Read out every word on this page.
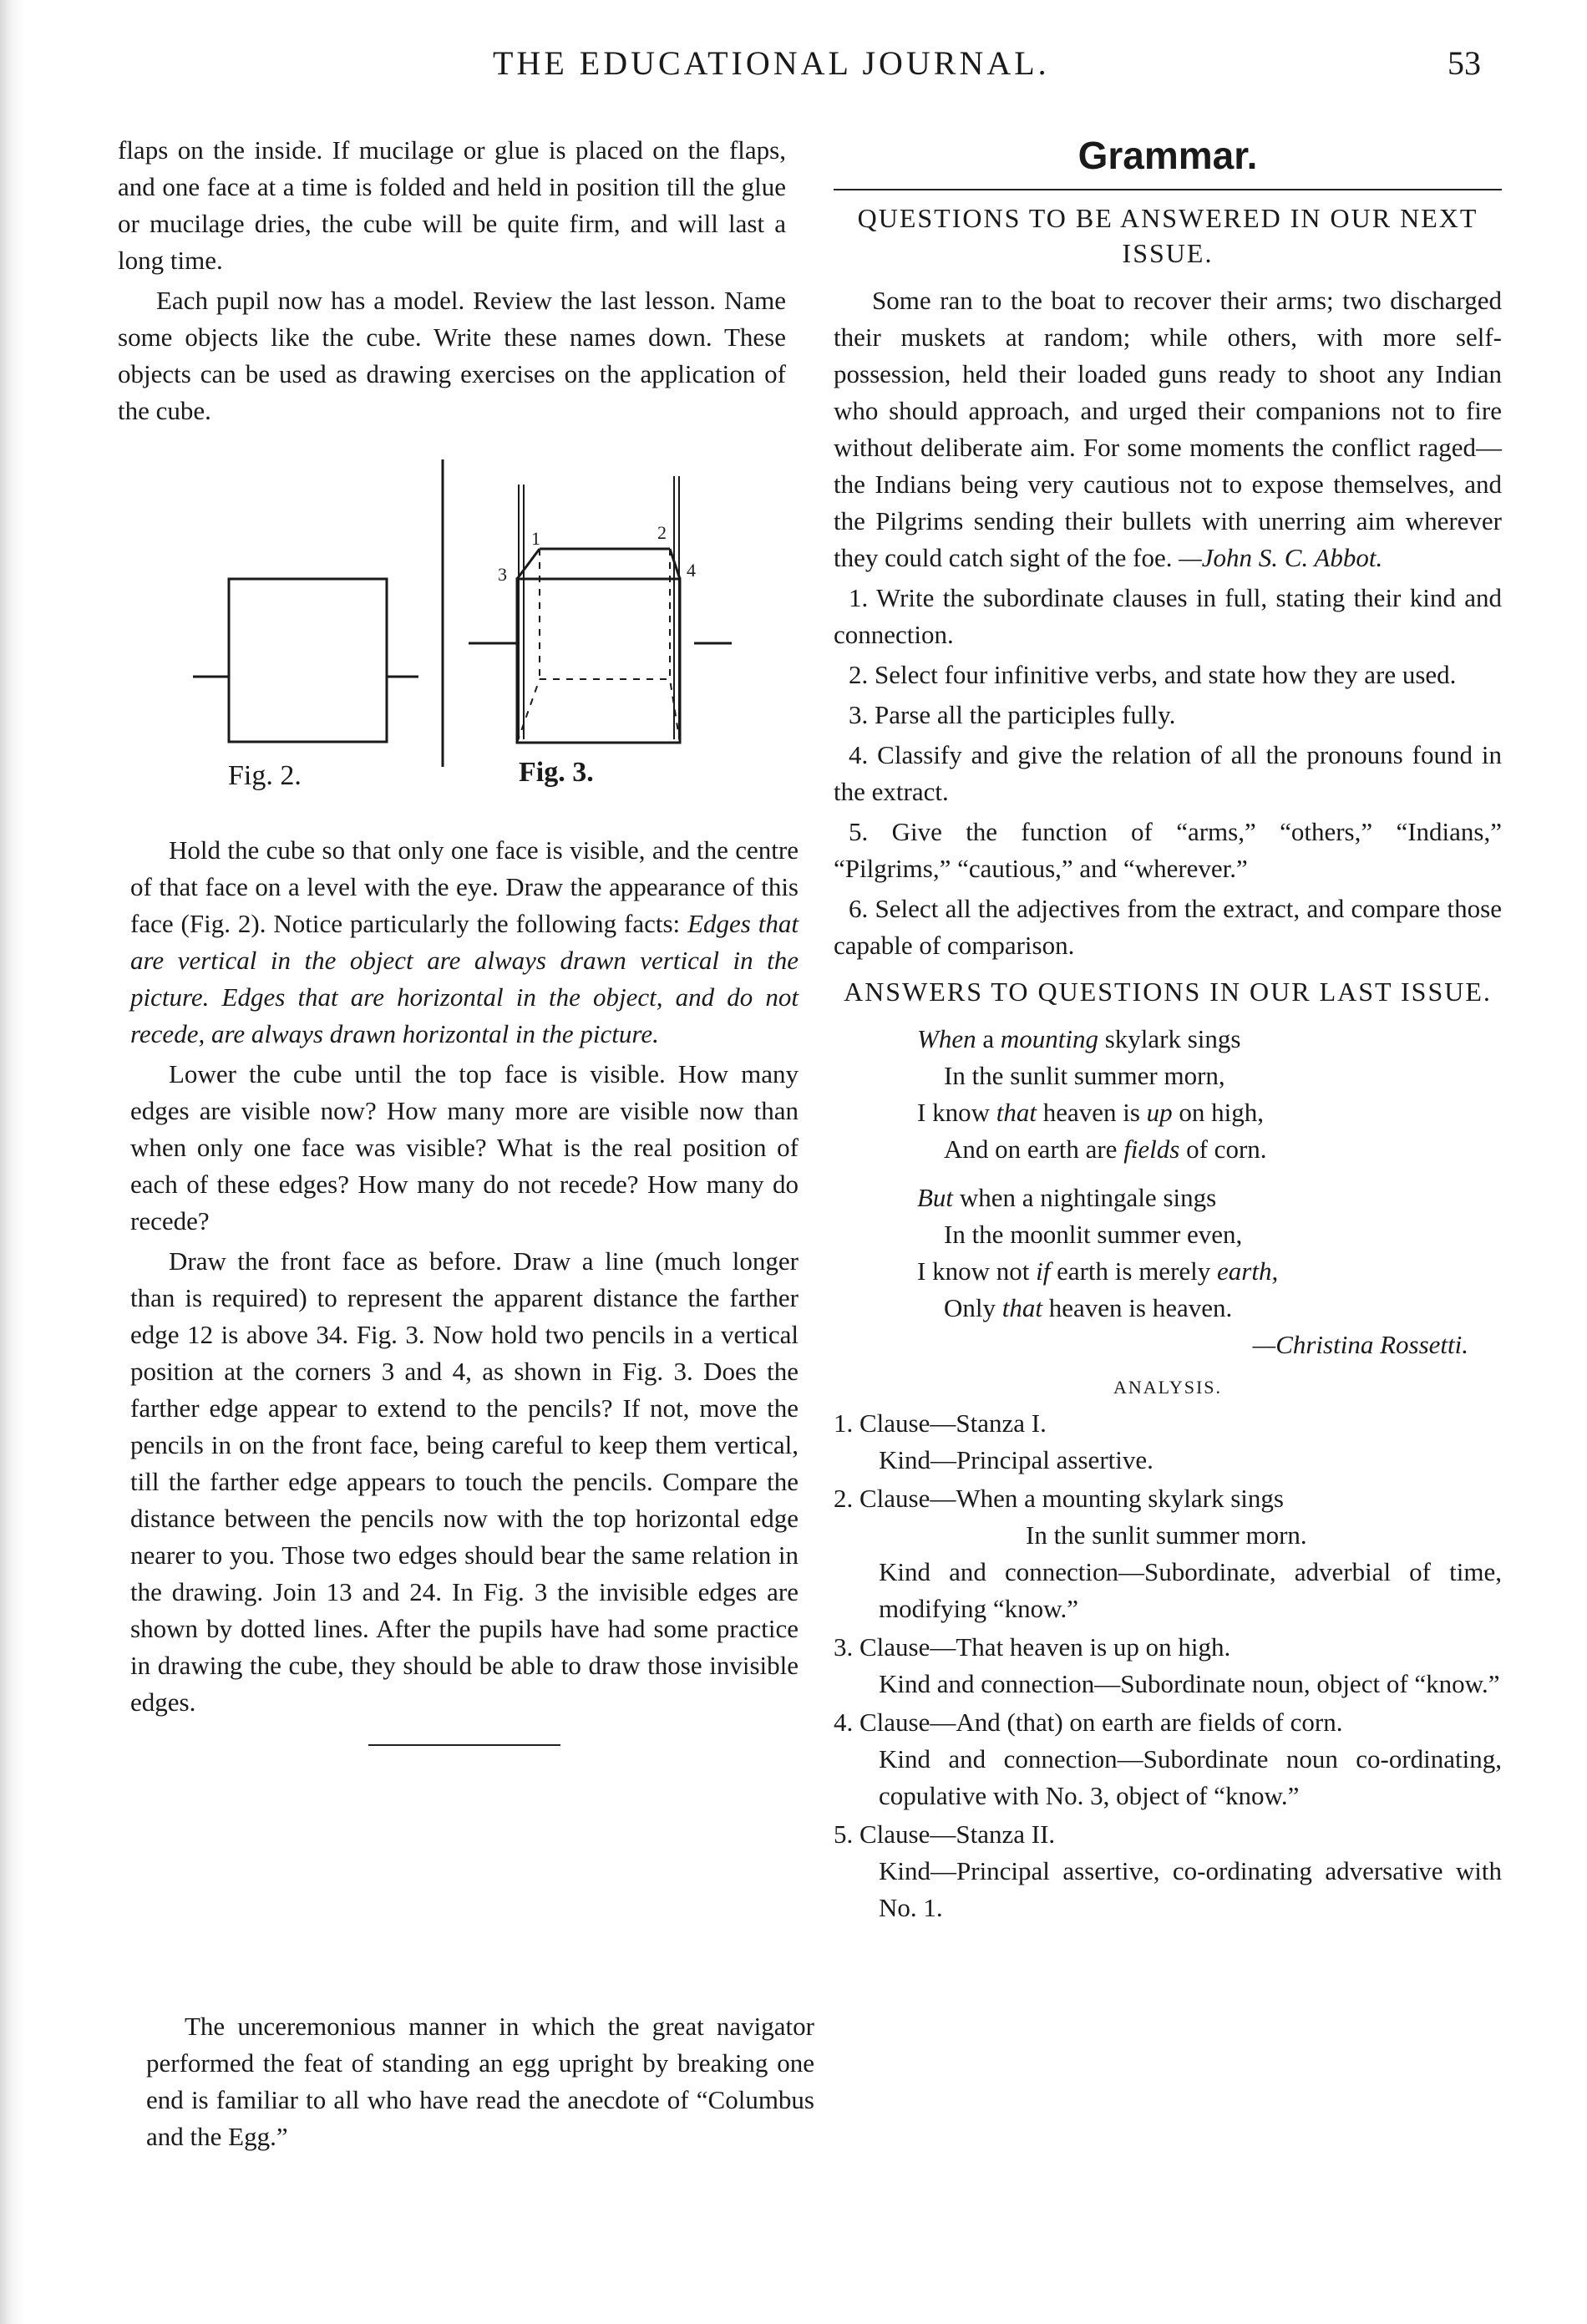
THE EDUCATIONAL JOURNAL.	53

flaps on the inside. If mucilage or glue is placed on the flaps, and one face at a time is folded and held in position till the glue or mucilage dries, the cube will be quite firm, and will last a long time.

Each pupil now has a model. Review the last lesson. Name some objects like the cube. Write these names down. These objects can be used as drawing exercises on the application of the cube.

1	2
3	4
Fig. 2.	Fig. 3.

Hold the cube so that only one face is visible, and the centre of that face on a level with the eye. Draw the appearance of this face (Fig. 2). Notice particularly the following facts: Edges that are vertical in the object are always drawn vertical in the picture. Edges that are horizontal in the object, and do not recede, are always drawn horizontal in the picture.

Lower the cube until the top face is visible. How many edges are visible now? How many more are visible now than when only one face was visible? What is the real position of each of these edges? How many do not recede? How many do recede?

Draw the front face as before. Draw a line (much longer than is required) to represent the apparent distance the farther edge 12 is above 34. Fig. 3. Now hold two pencils in a vertical position at the corners 3 and 4, as shown in Fig. 3. Does the farther edge appear to extend to the pencils? If not, move the pencils in on the front face, being careful to keep them vertical, till the farther edge appears to touch the pencils. Compare the distance between the pencils now with the top horizontal edge nearer to you. Those two edges should bear the same relation in the drawing. Join 13 and 24. In Fig. 3 the invisible edges are shown by dotted lines. After the pupils have had some practice in drawing the cube, they should be able to draw those invisible edges.

The unceremonious manner in which the great navigator performed the feat of standing an egg upright by breaking one end is familiar to all who have read the anecdote of “Columbus and the Egg.”

Grammar.
QUESTIONS TO BE ANSWERED IN OUR NEXT ISSUE.

Some ran to the boat to recover their arms; two discharged their muskets at random; while others, with more self-possession, held their loaded guns ready to shoot any Indian who should approach, and urged their companions not to fire without deliberate aim. For some moments the conflict raged—the Indians being very cautious not to expose themselves, and the Pilgrims sending their bullets with unerring aim wherever they could catch sight of the foe. —John S. C. Abbot.

1. Write the subordinate clauses in full, stating their kind and connection.

2. Select four infinitive verbs, and state how they are used.

3. Parse all the participles fully.

4. Classify and give the relation of all the pronouns found in the extract.

5. Give the function of “arms,” “others,” “Indians,” “Pilgrims,” “cautious,” and “wherever.”

6. Select all the adjectives from the extract, and compare those capable of comparison.

ANSWERS TO QUESTIONS IN OUR LAST ISSUE.
When a mounting skylark sings
In the sunlit summer morn,
I know that heaven is up on high,
And on earth are fields of corn.
But when a nightingale sings
In the moonlit summer even,
I know not if earth is merely earth,
Only that heaven is heaven.
—Christina Rossetti.
ANALYSIS.
1. Clause—Stanza I.
Kind—Principal assertive.
2. Clause—When a mounting skylark sings
In the sunlit summer morn.
Kind and connection—Subordinate, adverbial of time, modifying “know.”
3. Clause—That heaven is up on high.
Kind and connection—Subordinate noun, object of “know.”
4. Clause—And (that) on earth are fields of corn.
Kind and connection—Subordinate noun co-ordinating, copulative with No. 3, object of “know.”
5. Clause—Stanza II.
Kind—Principal assertive, co-ordinating adversative with No. 1.
